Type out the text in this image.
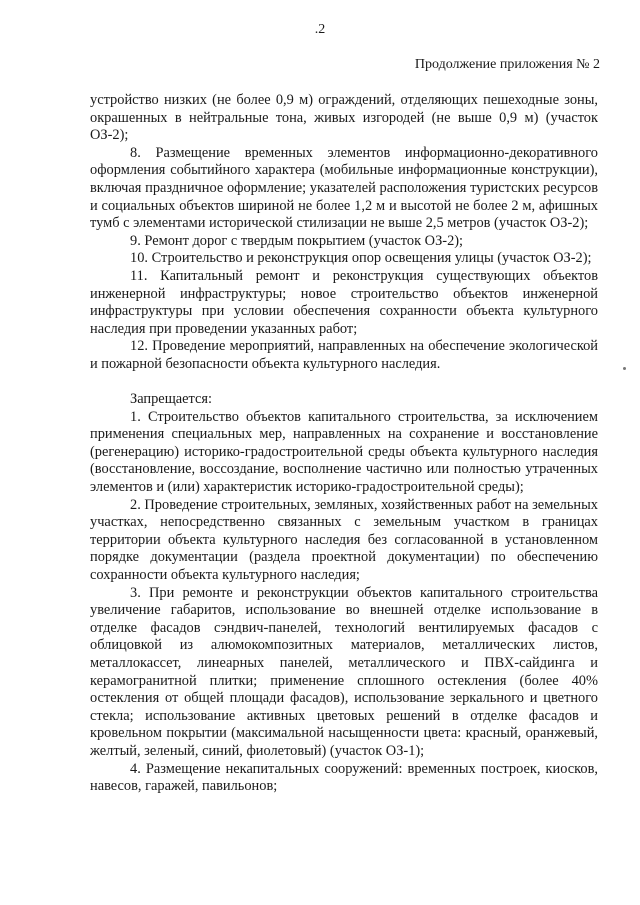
.2
Продолжение приложения № 2

устройство низких (не более 0,9 м) ограждений, отделяющих пешеходные зоны, окрашенных в нейтральные тона, живых изгородей (не выше 0,9 м) (участок ОЗ-2);

8. Размещение временных элементов информационно-декоративного оформления событийного характера (мобильные информационные конструкции), включая праздничное оформление; указателей расположения туристских ресурсов и социальных объектов шириной не более 1,2 м и высотой не более 2 м, афишных тумб с элементами исторической стилизации не выше 2,5 метров (участок ОЗ-2);

9. Ремонт дорог с твердым покрытием (участок ОЗ-2);

10. Строительство и реконструкция опор освещения улицы (участок ОЗ-2);

11. Капитальный ремонт и реконструкция существующих объектов инженерной инфраструктуры; новое строительство объектов инженерной инфраструктуры при условии обеспечения сохранности объекта культурного наследия при проведении указанных работ;

12. Проведение мероприятий, направленных на обеспечение экологической и пожарной безопасности объекта культурного наследия.

Запрещается:

1. Строительство объектов капитального строительства, за исключением применения специальных мер, направленных на сохранение и восстановление (регенерацию) историко-градостроительной среды объекта культурного наследия (восстановление, воссоздание, восполнение частично или полностью утраченных элементов и (или) характеристик историко-градостроительной среды);

2. Проведение строительных, земляных, хозяйственных работ на земельных участках, непосредственно связанных с земельным участком в границах территории объекта культурного наследия без согласованной в установленном порядке документации (раздела проектной документации) по обеспечению сохранности объекта культурного наследия;

3. При ремонте и реконструкции объектов капитального строительства увеличение габаритов, использование во внешней отделке использование в отделке фасадов сэндвич-панелей, технологий вентилируемых фасадов с облицовкой из алюмокомпозитных материалов, металлических листов, металлокассет, линеарных панелей, металлического и ПВХ-сайдинга и керамогранитной плитки; применение сплошного остекления (более 40% остекления от общей площади фасадов), использование зеркального и цветного стекла; использование активных цветовых решений в отделке фасадов и кровельном покрытии (максимальной насыщенности цвета: красный, оранжевый, желтый, зеленый, синий, фиолетовый) (участок ОЗ-1);

4. Размещение некапитальных сооружений: временных построек, киосков, навесов, гаражей, павильонов;
